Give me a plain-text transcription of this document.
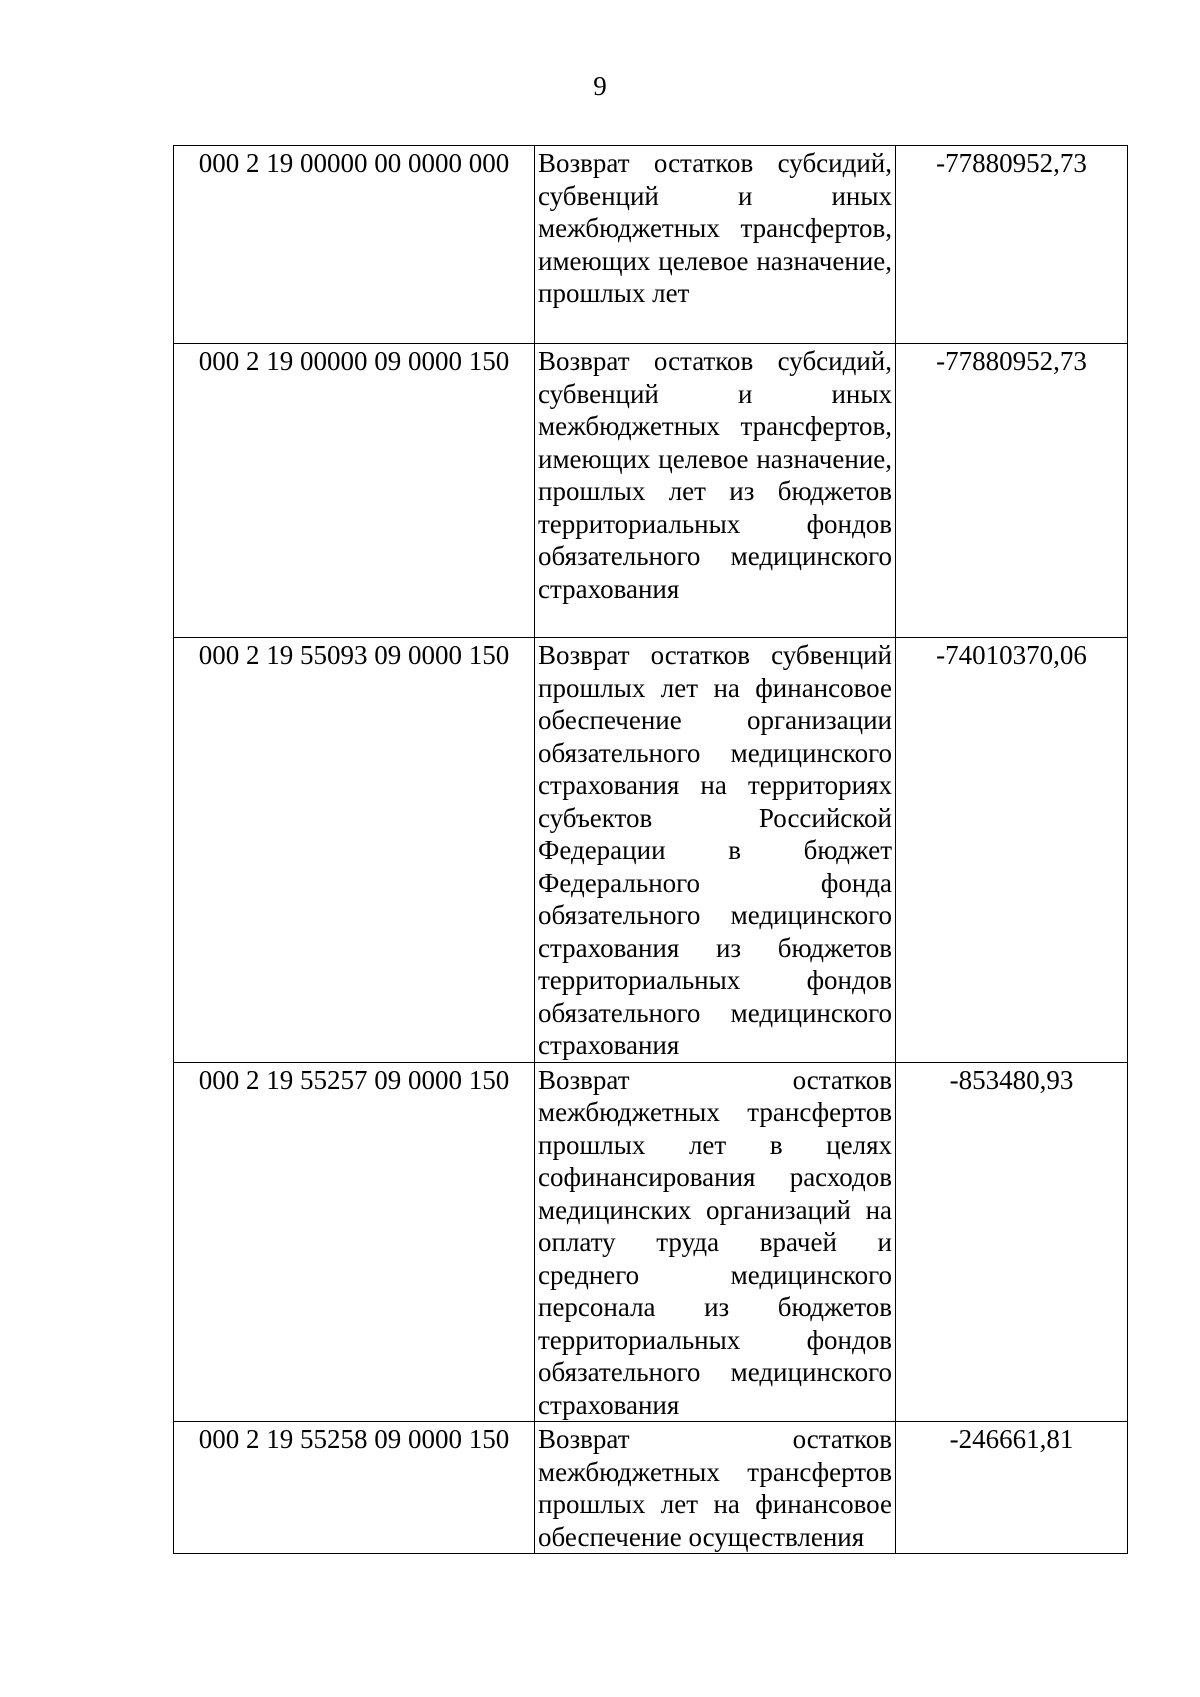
9
000 2 19 00000 00 0000 000	Возврат остатков субсидий, субвенций и иных межбюджетных трансфертов, имеющих целевое назначение, прошлых лет	-77880952,73
000 2 19 00000 09 0000 150	Возврат остатков субсидий, субвенций и иных межбюджетных трансфертов, имеющих целевое назначение, прошлых лет из бюджетов территориальных фондов обязательного медицинского страхования	-77880952,73
000 2 19 55093 09 0000 150	Возврат остатков субвенций прошлых лет на финансовое обеспечение организации обязательного медицинского страхования на территориях субъектов Российской Федерации в бюджет Федерального фонда обязательного медицинского страхования из бюджетов территориальных фондов обязательного медицинского страхования	-74010370,06
000 2 19 55257 09 0000 150	Возврат остатков межбюджетных трансфертов прошлых лет в целях софинансирования расходов медицинских организаций на оплату труда врачей и среднего медицинского персонала из бюджетов территориальных фондов обязательного медицинского страхования	-853480,93
000 2 19 55258 09 0000 150	Возврат остатков межбюджетных трансфертов прошлых лет на финансовое обеспечение осуществления	-246661,81
